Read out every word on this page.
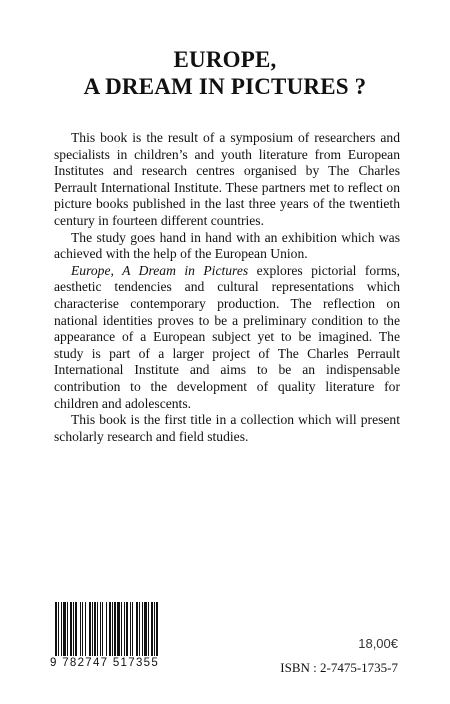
EUROPE,
A DREAM IN PICTURES ?

This book is the result of a symposium of researchers and specialists in children’s and youth literature from European Institutes and research centres organised by The Charles Perrault International Institute. These partners met to reflect on picture books published in the last three years of the twentieth century in fourteen different countries.

The study goes hand in hand with an exhibition which was achieved with the help of the European Union.

Europe, A Dream in Pictures explores pictorial forms, aesthetic tendencies and cultural representations which characterise contemporary production. The reflection on national identities proves to be a preliminary condition to the appearance of a European subject yet to be imagined. The study is part of a larger project of The Charles Perrault International Institute and aims to be an indispensable contribution to the development of quality literature for children and adolescents.

This book is the first title in a collection which will present scholarly research and field studies.

9 782747 517355
18,00€
ISBN : 2-7475-1735-7
